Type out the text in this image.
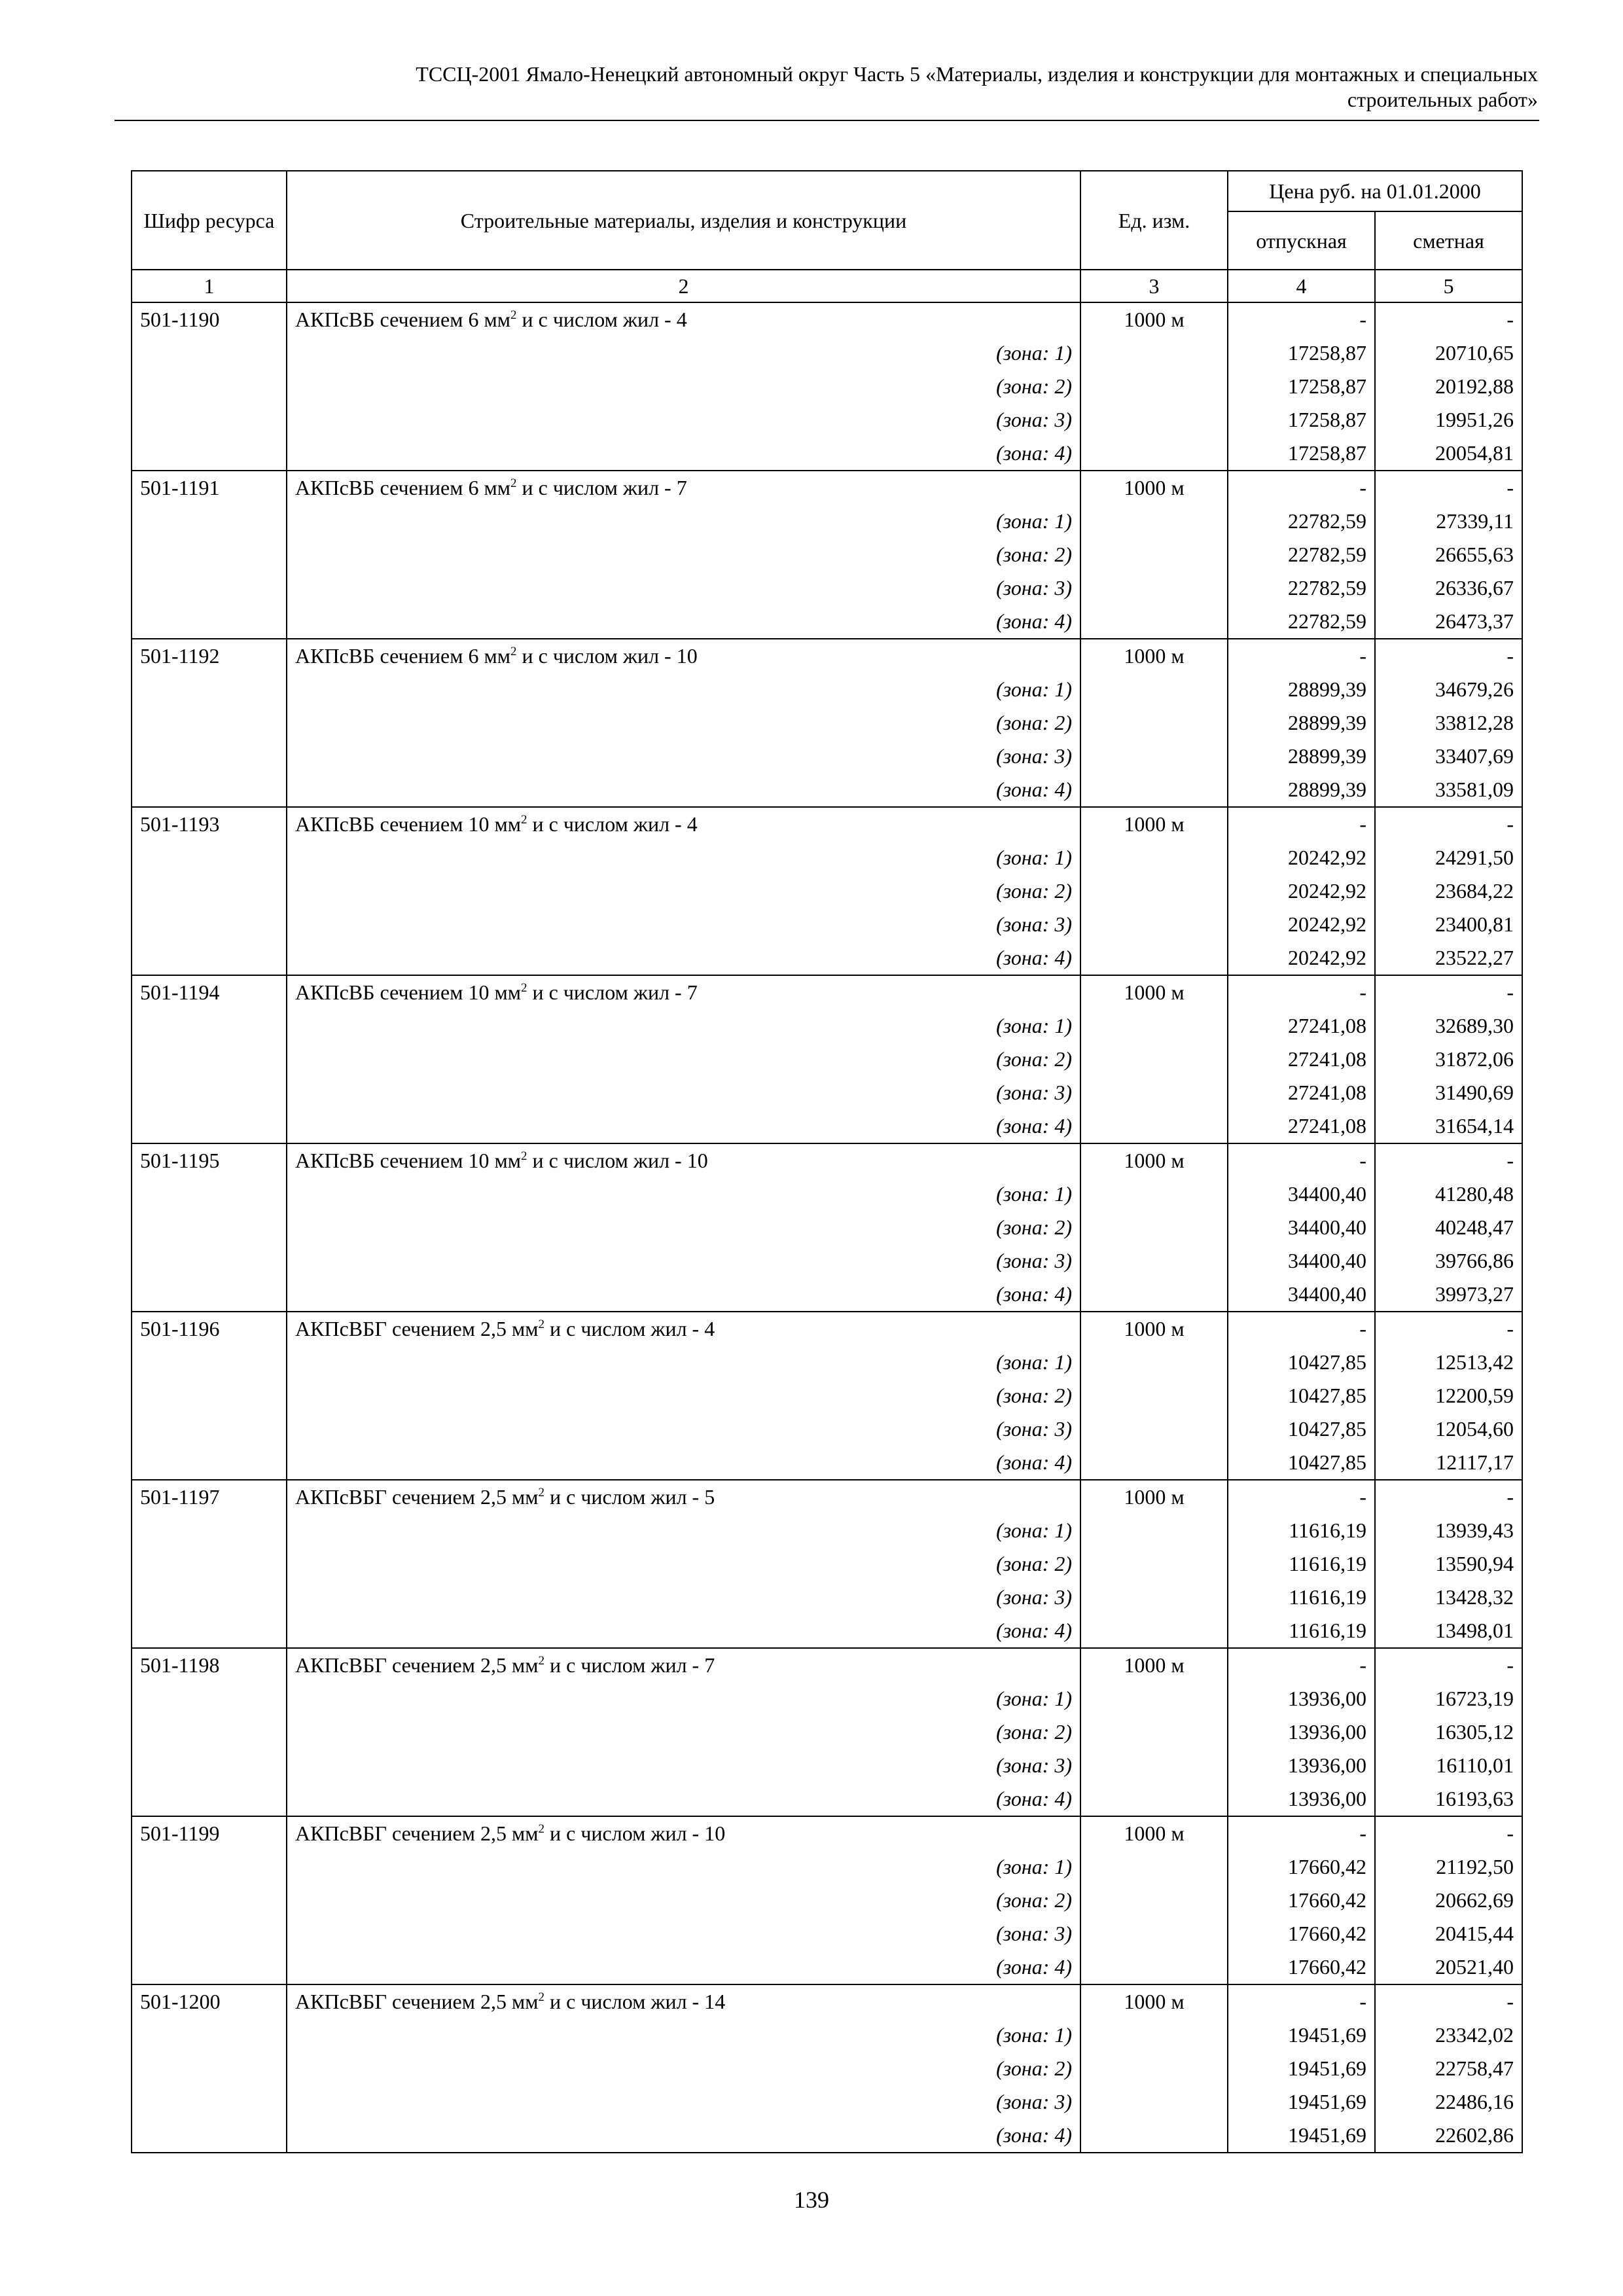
ТССЦ-2001 Ямало-Ненецкий автономный округ Часть 5 «Материалы, изделия и конструкции для монтажных и специальных
строительных работ»
Шифр ресурса	Строительные материалы, изделия и конструкции	Ед. изм.	Цена руб. на 01.01.2000	
			отпускная	сметная
1	2	3	4	5
501-1190	АКПсВБ сечением 6 $мм^2$ и с числом жил - 4	1000 м	-	-
	(зона: 1)		17258,87	20710,65
	(зона: 2)		17258,87	20192,88
	(зона: 3)		17258,87	19951,26
	(зона: 4)		17258,87	20054,81
501-1191	АКПсВБ сечением 6 $мм^2$ и с числом жил - 7	1000 м	-	-
	(зона: 1)		22782,59	27339,11
	(зона: 2)		22782,59	26655,63
	(зона: 3)		22782,59	26336,67
	(зона: 4)		22782,59	26473,37
501-1192	АКПсВБ сечением 6 $мм^2$ и с числом жил - 10	1000 м	-	-
	(зона: 1)		28899,39	34679,26
	(зона: 2)		28899,39	33812,28
	(зона: 3)		28899,39	33407,69
	(зона: 4)		28899,39	33581,09
501-1193	АКПсВБ сечением 10 $мм^2$ и с числом жил - 4	1000 м	-	-
	(зона: 1)		20242,92	24291,50
	(зона: 2)		20242,92	23684,22
	(зона: 3)		20242,92	23400,81
	(зона: 4)		20242,92	23522,27
501-1194	АКПсВБ сечением 10 $мм^2$ и с числом жил - 7	1000 м	-	-
	(зона: 1)		27241,08	32689,30
	(зона: 2)		27241,08	31872,06
	(зона: 3)		27241,08	31490,69
	(зона: 4)		27241,08	31654,14
501-1195	АКПсВБ сечением 10 $мм^2$ и с числом жил - 10	1000 м	-	-
	(зона: 1)		34400,40	41280,48
	(зона: 2)		34400,40	40248,47
	(зона: 3)		34400,40	39766,86
	(зона: 4)		34400,40	39973,27
501-1196	АКПсВБГ сечением 2,5 $мм^2$ и с числом жил - 4	1000 м	-	-
	(зона: 1)		10427,85	12513,42
	(зона: 2)		10427,85	12200,59
	(зона: 3)		10427,85	12054,60
	(зона: 4)		10427,85	12117,17
501-1197	АКПсВБГ сечением 2,5 $мм^2$ и с числом жил - 5	1000 м	-	-
	(зона: 1)		11616,19	13939,43
	(зона: 2)		11616,19	13590,94
	(зона: 3)		11616,19	13428,32
	(зона: 4)		11616,19	13498,01
501-1198	АКПсВБГ сечением 2,5 $мм^2$ и с числом жил - 7	1000 м	-	-
	(зона: 1)		13936,00	16723,19
	(зона: 2)		13936,00	16305,12
	(зона: 3)		13936,00	16110,01
	(зона: 4)		13936,00	16193,63
501-1199	АКПсВБГ сечением 2,5 $мм^2$ и с числом жил - 10	1000 м	-	-
	(зона: 1)		17660,42	21192,50
	(зона: 2)		17660,42	20662,69
	(зона: 3)		17660,42	20415,44
	(зона: 4)		17660,42	20521,40
501-1200	АКПсВБГ сечением 2,5 $мм^2$ и с числом жил - 14	1000 м	-	-
	(зона: 1)		19451,69	23342,02
	(зона: 2)		19451,69	22758,47
	(зона: 3)		19451,69	22486,16
	(зона: 4)		19451,69	22602,86
139
